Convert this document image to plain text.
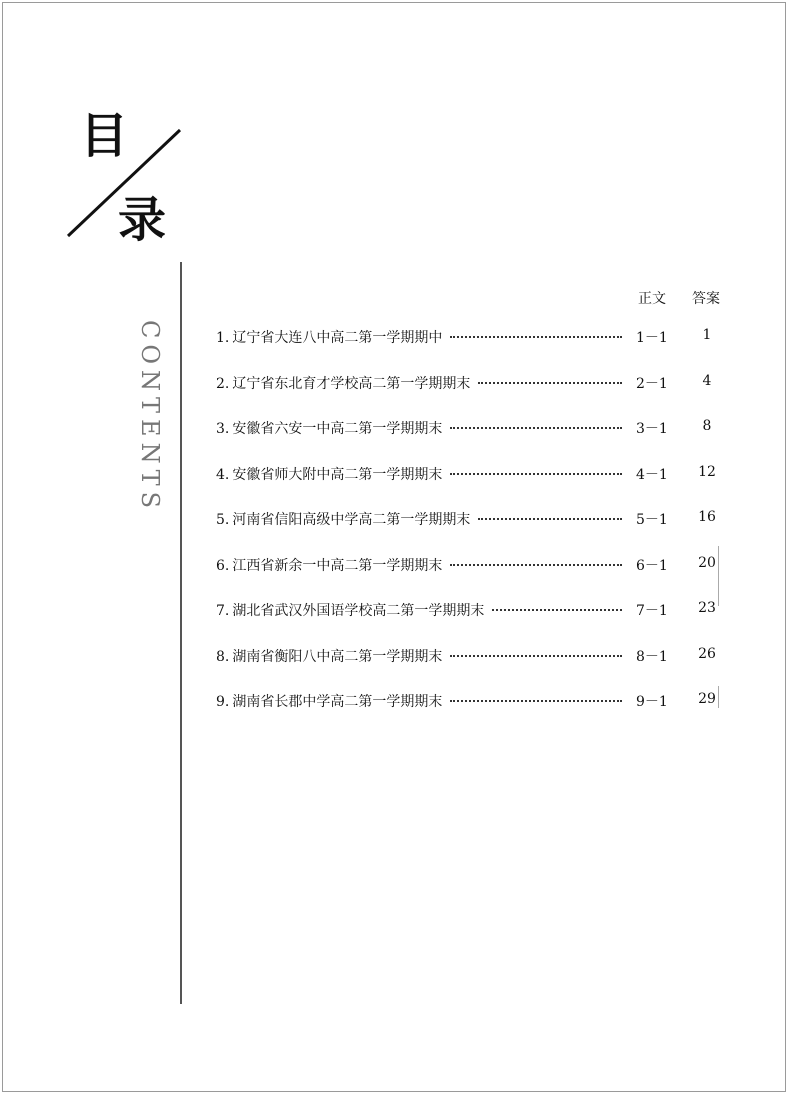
目
录
CONTENTS
正文 答案
1. 辽宁省大连八中高二第一学期期中	1－1	1
2. 辽宁省东北育才学校高二第一学期期末	2－1	4
3. 安徽省六安一中高二第一学期期末	3－1	8
4. 安徽省师大附中高二第一学期期末	4－1	12
5. 河南省信阳高级中学高二第一学期期末	5－1	16
6. 江西省新余一中高二第一学期期末	6－1	20
7. 湖北省武汉外国语学校高二第一学期期末	7－1	23
8. 湖南省衡阳八中高二第一学期期末	8－1	26
9. 湖南省长郡中学高二第一学期期末	9－1	29
